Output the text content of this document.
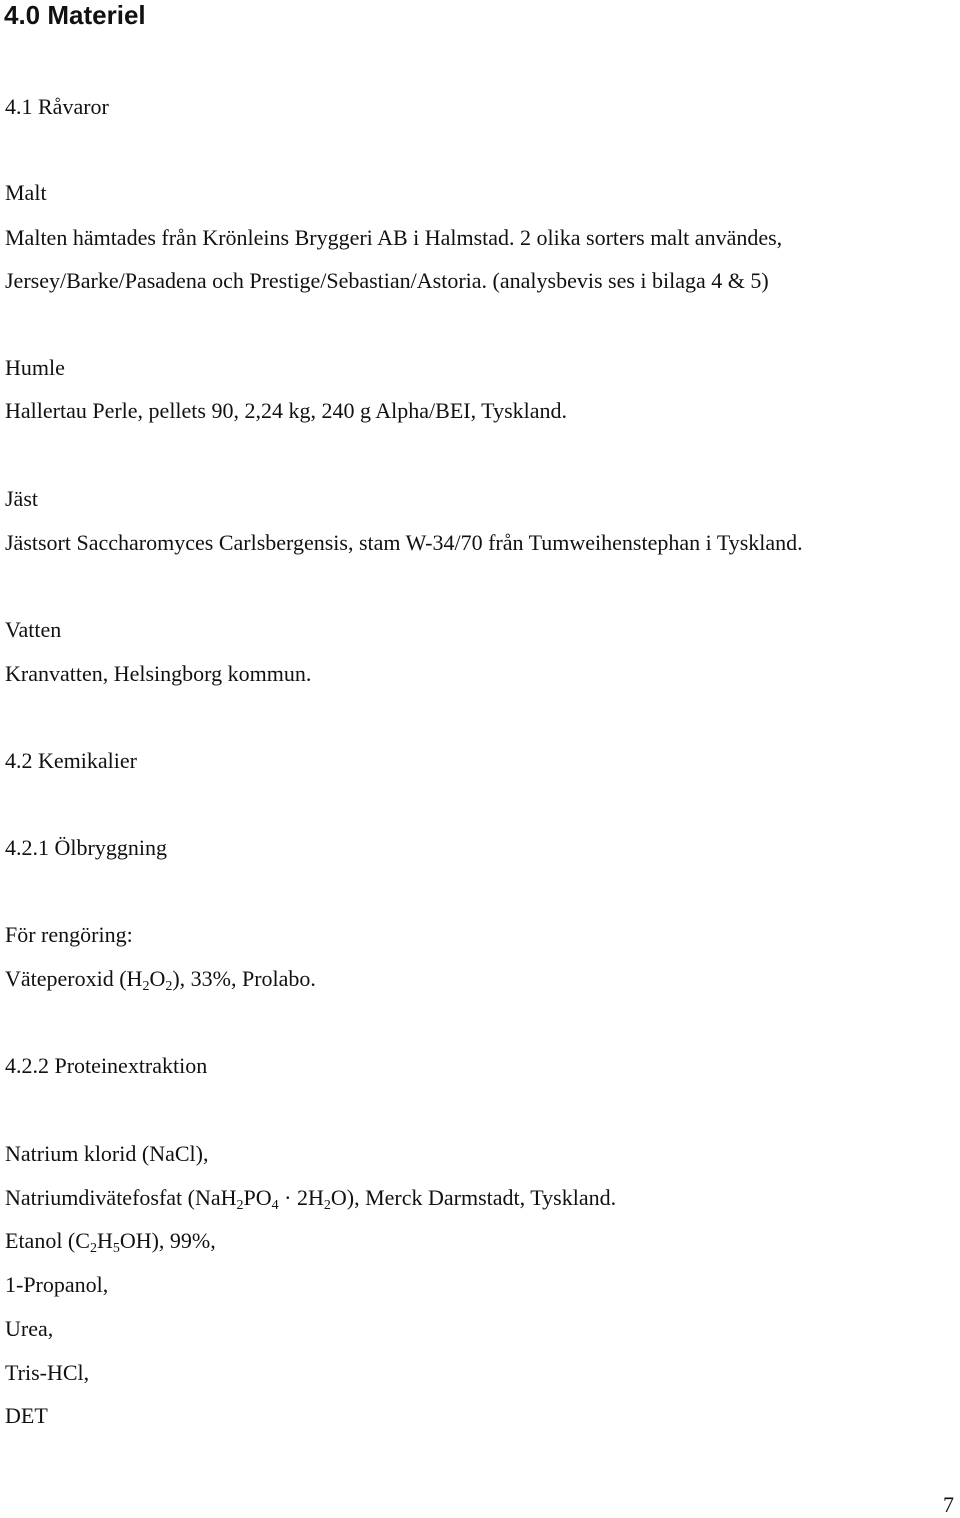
4.0 Materiel
4.1 Råvaror
Malt
Malten hämtades från Krönleins Bryggeri AB i Halmstad. 2 olika sorters malt användes,
Jersey/Barke/Pasadena och Prestige/Sebastian/Astoria. (analysbevis ses i bilaga 4 & 5)
Humle
Hallertau Perle, pellets 90, 2,24 kg, 240 g Alpha/BEI, Tyskland.
Jäst
Jästsort Saccharomyces Carlsbergensis, stam W-34/70 från Tumweihenstephan i Tyskland.
Vatten
Kranvatten, Helsingborg kommun.
4.2 Kemikalier
4.2.1 Ölbryggning
För rengöring:
Väteperoxid $(H_2O_2)$, 33%, Prolabo.
4.2.2 Proteinextraktion
Natrium klorid (NaCl),
Natriumdivätefosfat $(NaH_2PO_4 \cdot 2H_2O)$, Merck Darmstadt, Tyskland.
Etanol $(C_2H_5OH)$, 99%,
1-Propanol,
Urea,
Tris-HCl,
DET
7
